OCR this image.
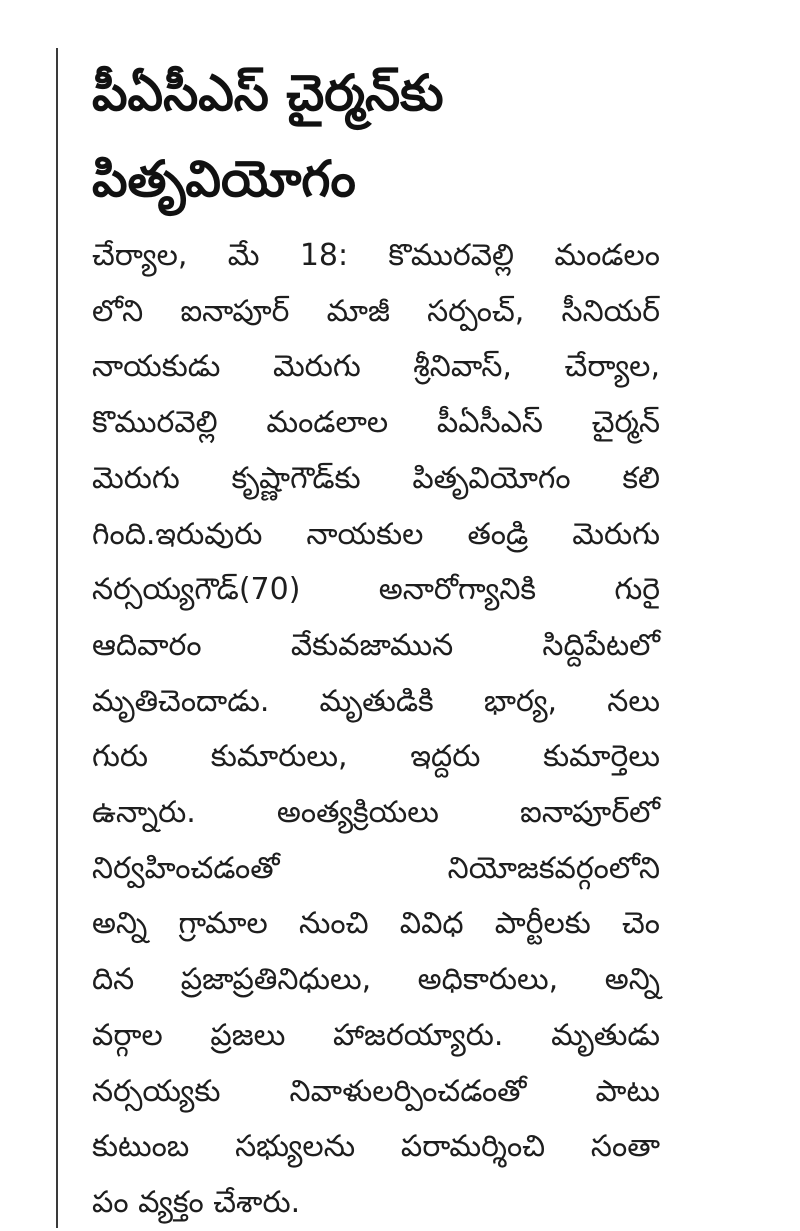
పీఏసీఎస్ చైర్మన్‌కు
పితృవియోగం
చేర్యాల, మే 18: కొమురవెల్లి మండలం
లోని ఐనాపూర్ మాజీ సర్పంచ్, సీనియర్
నాయకుడు మెరుగు శ్రీనివాస్, చేర్యాల,
కొమురవెల్లి మండలాల పీఏసీఎస్ చైర్మన్
మెరుగు కృష్ణాగౌడ్‌కు పితృవియోగం కలి
గింది.ఇరువురు నాయకుల తండ్రి మెరుగు
నర్సయ్యగౌడ్(70) అనారోగ్యానికి గురై
ఆదివారం వేకువజామున సిద్దిపేటలో
మృతిచెందాడు. మృతుడికి భార్య, నలు
గురు కుమారులు, ఇద్దరు కుమార్తెలు
ఉన్నారు. అంత్యక్రియలు ఐనాపూర్‌లో
నిర్వహించడంతో నియోజకవర్గంలోని
అన్ని గ్రామాల నుంచి వివిధ పార్టీలకు చెం
దిన ప్రజాప్రతినిధులు, అధికారులు, అన్ని
వర్గాల ప్రజలు హాజరయ్యారు. మృతుడు
నర్సయ్యకు నివాళులర్పించడంతో పాటు
కుటుంబ సభ్యులను పరామర్శించి సంతా
పం వ్యక్తం చేశారు.
